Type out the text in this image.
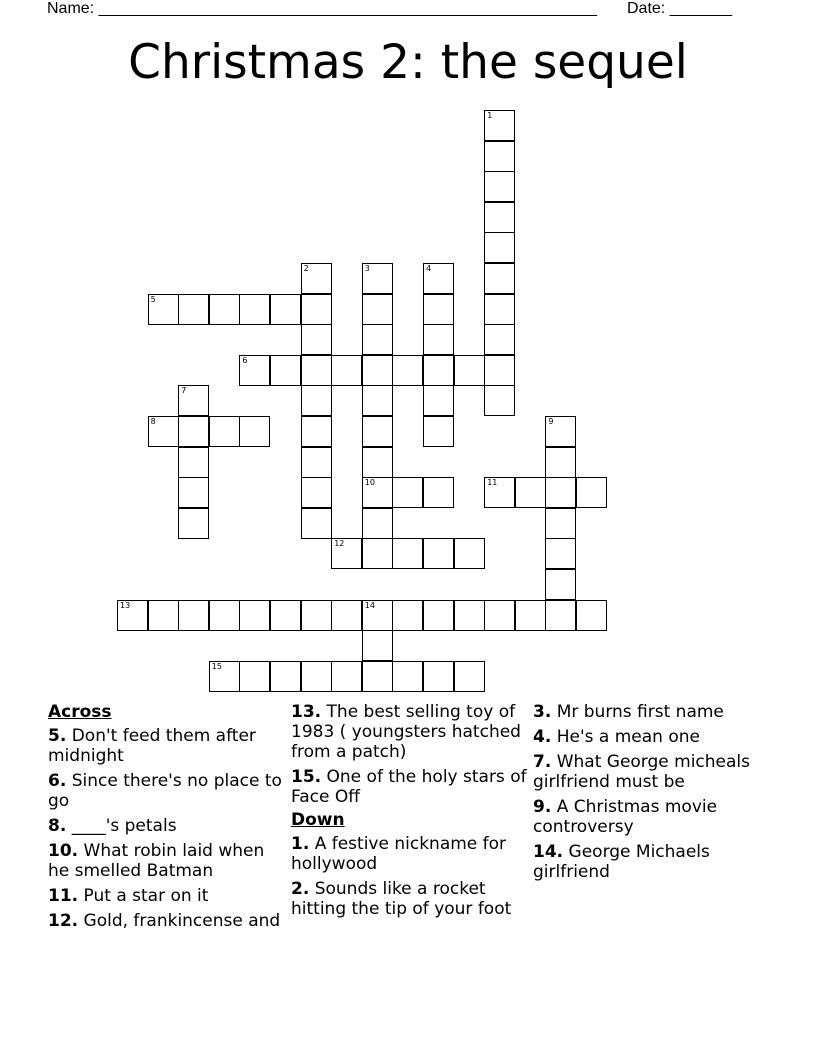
Name: ________________________________________________________ Date: _______
Christmas 2: the sequel
1
2	3
10
4
5
6
7
8	9
11
12
13	14
15
Across
5. Don't feed them after midnight
6. Since there's no place to go
8. ____'s petals
10. What robin laid when he smelled Batman
11. Put a star on it
12. Gold, frankincense and
13. The best selling toy of 1983 ( youngsters hatched from a patch)
15. One of the holy stars of Face Off
Down
1. A festive nickname for hollywood
2. Sounds like a rocket hitting the tip of your foot
3. Mr burns first name
4. He's a mean one
7. What George micheals girlfriend must be
9. A Christmas movie controversy
14. George Michaels girlfriend
